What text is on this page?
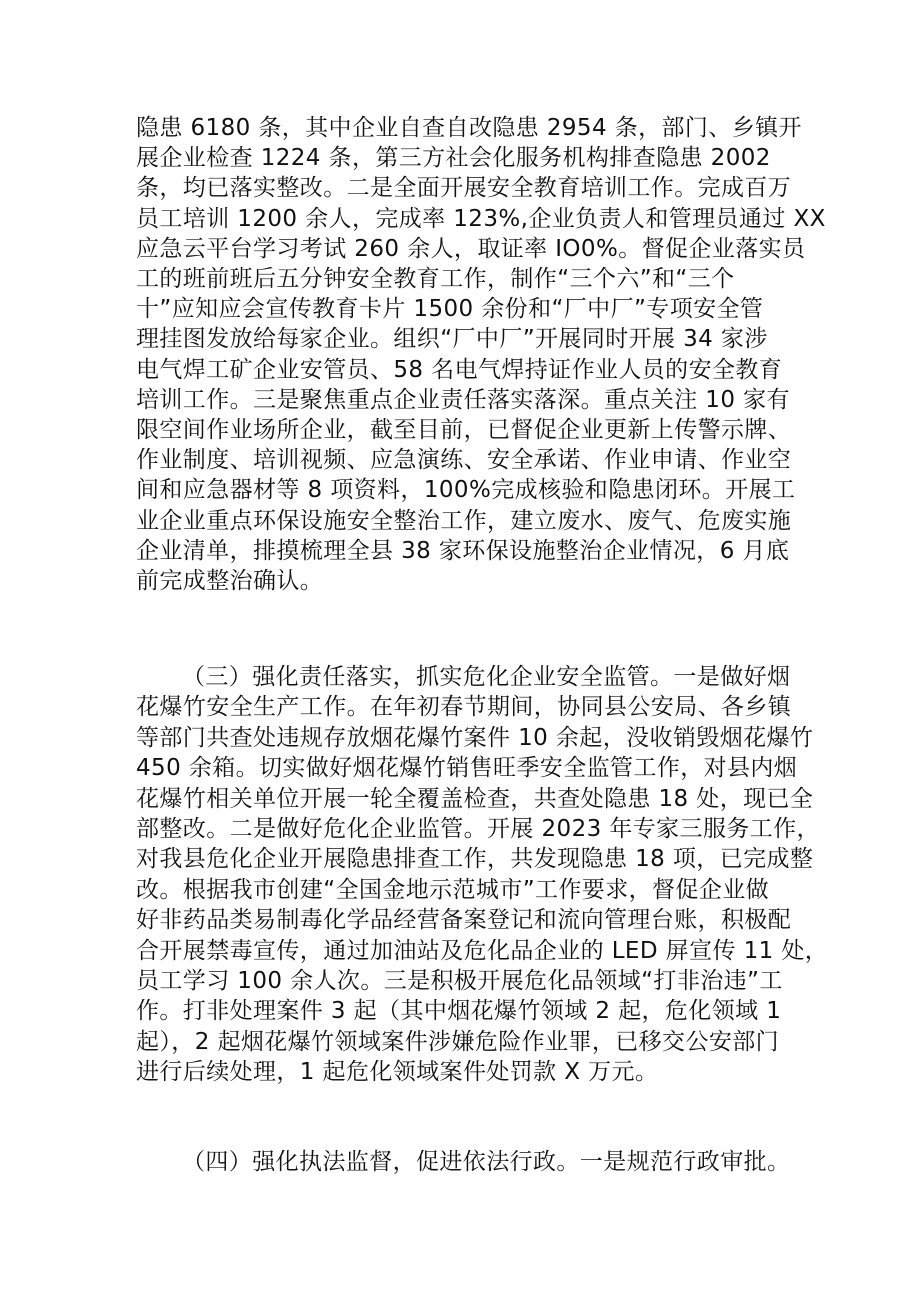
隐患 6180 条，其中企业自查自改隐患 2954 条，部门、乡镇开
展企业检查 1224 条，第三方社会化服务机构排查隐患 2002
条，均已落实整改。二是全面开展安全教育培训工作。完成百万
员工培训 1200 余人，完成率 123%,企业负责人和管理员通过 XX
应急云平台学习考试 260 余人，取证率 IO0%。督促企业落实员
工的班前班后五分钟安全教育工作，制作“三个六”和“三个
十”应知应会宣传教育卡片 1500 余份和“厂中厂”专项安全管
理挂图发放给每家企业。组织“厂中厂”开展同时开展 34 家涉
电气焊工矿企业安管员、58 名电气焊持证作业人员的安全教育
培训工作。三是聚焦重点企业责任落实落深。重点关注 10 家有
限空间作业场所企业，截至目前，已督促企业更新上传警示牌、
作业制度、培训视频、应急演练、安全承诺、作业申请、作业空
间和应急器材等 8 项资料，100%完成核验和隐患闭环。开展工
业企业重点环保设施安全整治工作，建立废水、废气、危废实施
企业清单，排摸梳理全县 38 家环保设施整治企业情况，6 月底
前完成整治确认。
（三）强化责任落实，抓实危化企业安全监管。一是做好烟
花爆竹安全生产工作。在年初春节期间，协同县公安局、各乡镇
等部门共查处违规存放烟花爆竹案件 10 余起，没收销毁烟花爆竹
450 余箱。切实做好烟花爆竹销售旺季安全监管工作，对县内烟
花爆竹相关单位开展一轮全覆盖检查，共查处隐患 18 处，现已全
部整改。二是做好危化企业监管。开展 2023 年专家三服务工作，
对我县危化企业开展隐患排查工作，共发现隐患 18 项，已完成整
改。根据我市创建“全国金地示范城市”工作要求，督促企业做
好非药品类易制毒化学品经营备案登记和流向管理台账，积极配
合开展禁毒宣传，通过加油站及危化品企业的 LED 屏宣传 11 处，
员工学习 100 余人次。三是积极开展危化品领域“打非治违”工
作。打非处理案件 3 起（其中烟花爆竹领域 2 起，危化领域 1
起），2 起烟花爆竹领域案件涉嫌危险作业罪，已移交公安部门
进行后续处理，1 起危化领域案件处罚款 X 万元。
（四）强化执法监督，促进依法行政。一是规范行政审批。
